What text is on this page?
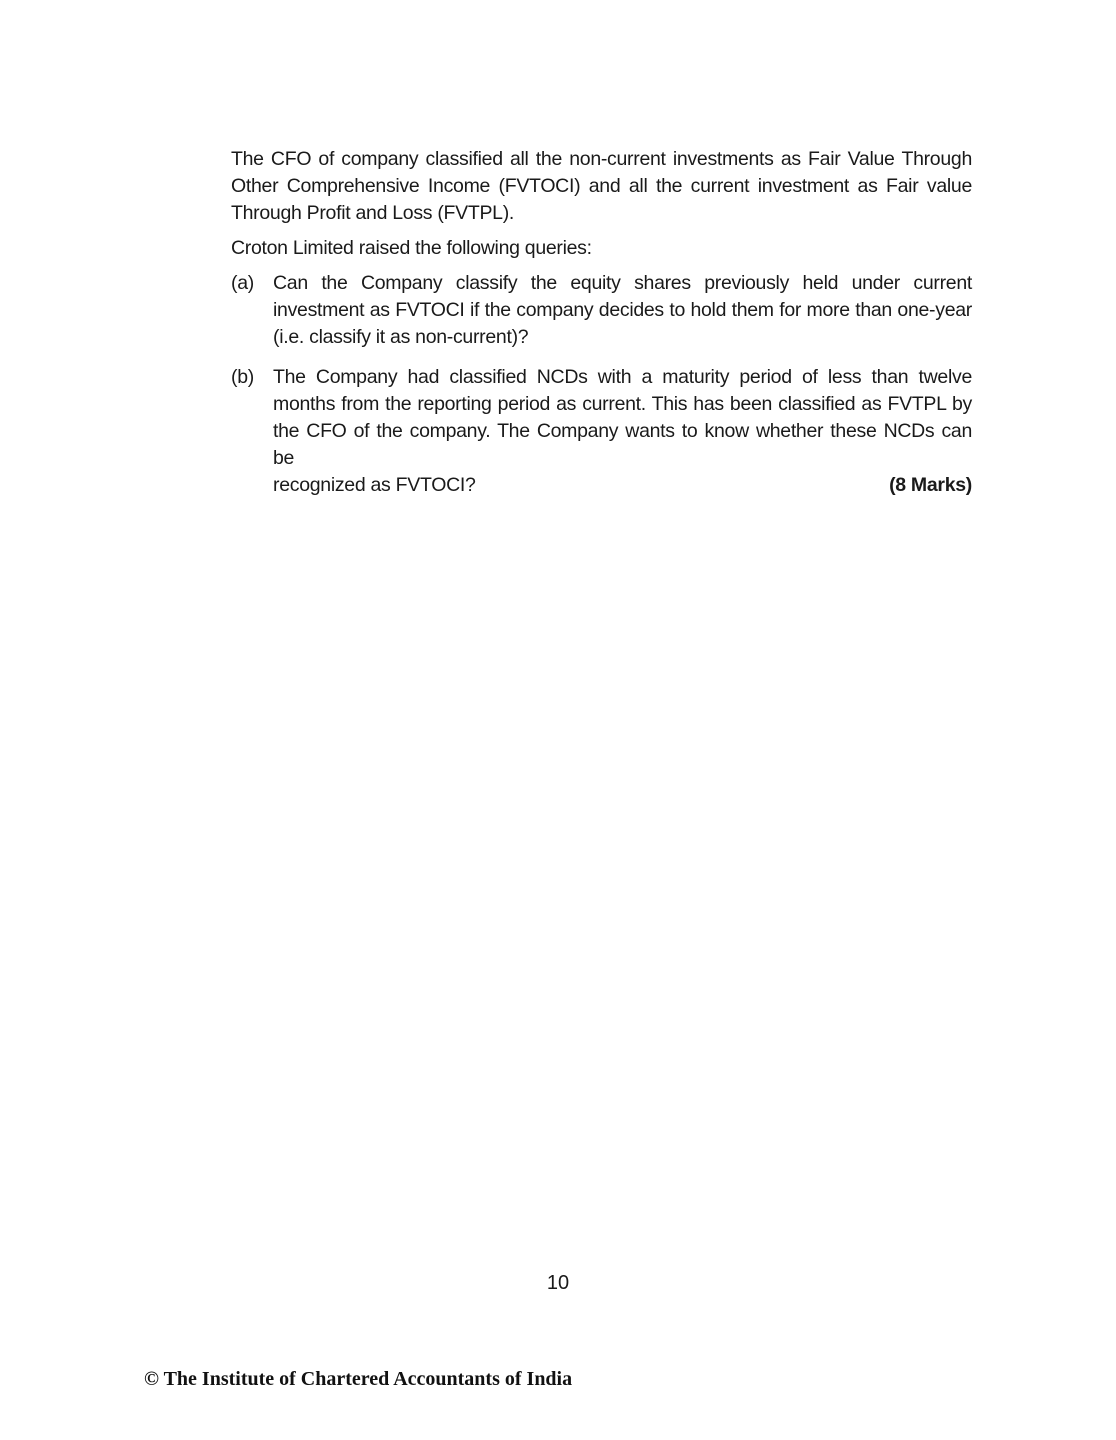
The CFO of company classified all the non-current investments as Fair Value Through Other Comprehensive Income (FVTOCI) and all the current investment as Fair value Through Profit and Loss (FVTPL).

Croton Limited raised the following queries:

(a) Can the Company classify the equity shares previously held under current investment as FVTOCI if the company decides to hold them for more than one-year (i.e. classify it as non-current)?
(b) The Company had classified NCDs with a maturity period of less than twelve months from the reporting period as current. This has been classified as FVTPL by the CFO of the company. The Company wants to know whether these NCDs can be
recognized as FVTOCI?	(8 Marks)
10
© The Institute of Chartered Accountants of India
